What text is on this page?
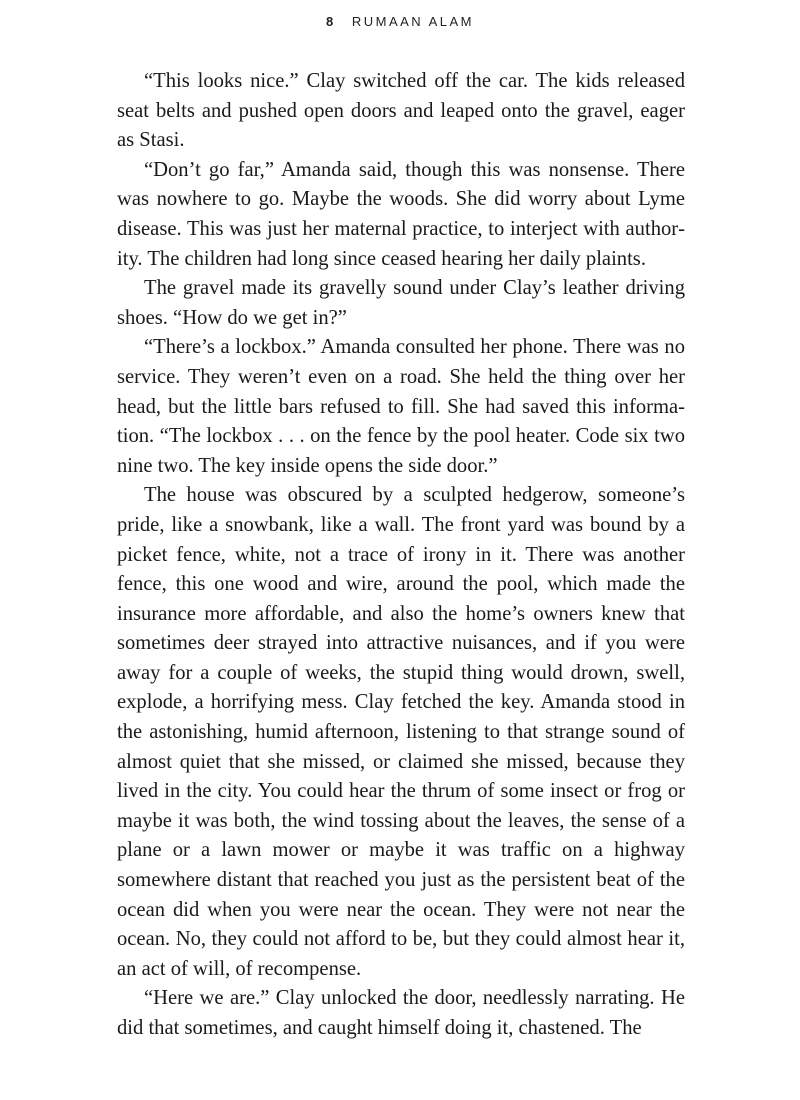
8 RUMAAN ALAM

“This looks nice.” Clay switched off the car. The kids released seat belts and pushed open doors and leaped onto the gravel, eager as Stasi.

“Don’t go far,” Amanda said, though this was nonsense. There was nowhere to go. Maybe the woods. She did worry about Lyme disease. This was just her maternal practice, to interject with authority. The children had long since ceased hearing her daily plaints.

The gravel made its gravelly sound under Clay’s leather driving shoes. “How do we get in?”

“There’s a lockbox.” Amanda consulted her phone. There was no service. They weren’t even on a road. She held the thing over her head, but the little bars refused to fill. She had saved this information. “The lockbox . . . on the fence by the pool heater. Code six two nine two. The key inside opens the side door.”

The house was obscured by a sculpted hedgerow, someone’s pride, like a snowbank, like a wall. The front yard was bound by a picket fence, white, not a trace of irony in it. There was another fence, this one wood and wire, around the pool, which made the insurance more affordable, and also the home’s owners knew that sometimes deer strayed into attractive nuisances, and if you were away for a couple of weeks, the stupid thing would drown, swell, explode, a horrifying mess. Clay fetched the key. Amanda stood in the astonishing, humid afternoon, listening to that strange sound of almost quiet that she missed, or claimed she missed, because they lived in the city. You could hear the thrum of some insect or frog or maybe it was both, the wind tossing about the leaves, the sense of a plane or a lawn mower or maybe it was traffic on a highway somewhere distant that reached you just as the persistent beat of the ocean did when you were near the ocean. They were not near the ocean. No, they could not afford to be, but they could almost hear it, an act of will, of recompense.

“Here we are.” Clay unlocked the door, needlessly narrating. He did that sometimes, and caught himself doing it, chastened. The
